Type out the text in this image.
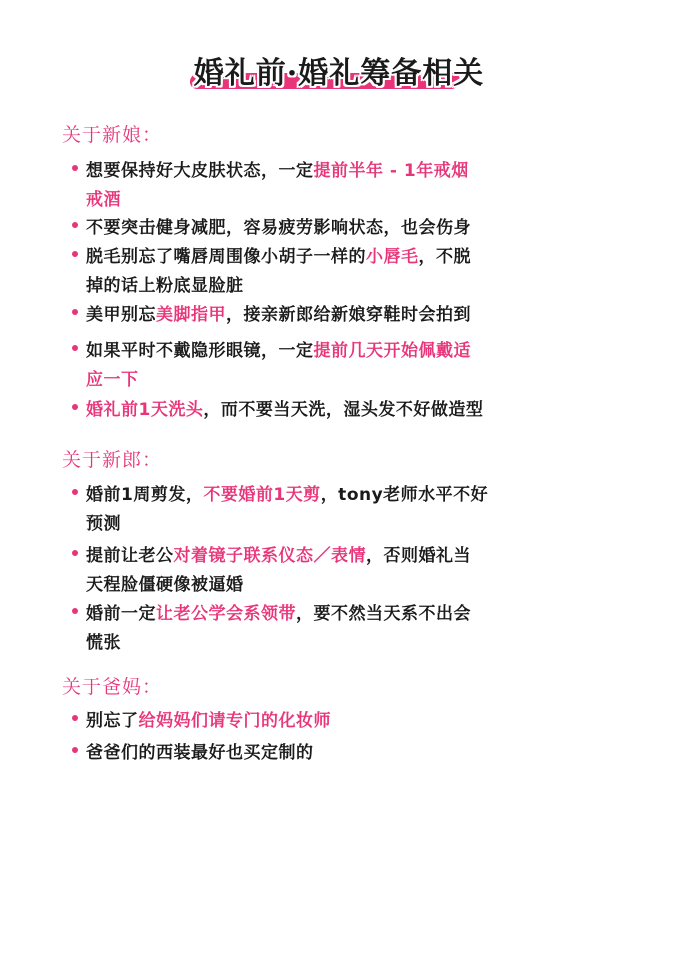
婚礼前·婚礼筹备相关
关于新娘：
想要保持好大皮肤状态，一定提前半年 - 1年戒烟
戒酒
不要突击健身减肥，容易疲劳影响状态，也会伤身
脱毛别忘了嘴唇周围像小胡子一样的小唇毛，不脱
掉的话上粉底显脸脏
美甲别忘美脚指甲，接亲新郎给新娘穿鞋时会拍到
如果平时不戴隐形眼镜，一定提前几天开始佩戴适
应一下
婚礼前1天洗头，而不要当天洗，湿头发不好做造型
关于新郎：
婚前1周剪发，不要婚前1天剪，tony老师水平不好
预测
提前让老公对着镜子联系仪态／表情，否则婚礼当
天程脸僵硬像被逼婚
婚前一定让老公学会系领带，要不然当天系不出会
慌张
关于爸妈：
别忘了给妈妈们请专门的化妆师
爸爸们的西装最好也买定制的
